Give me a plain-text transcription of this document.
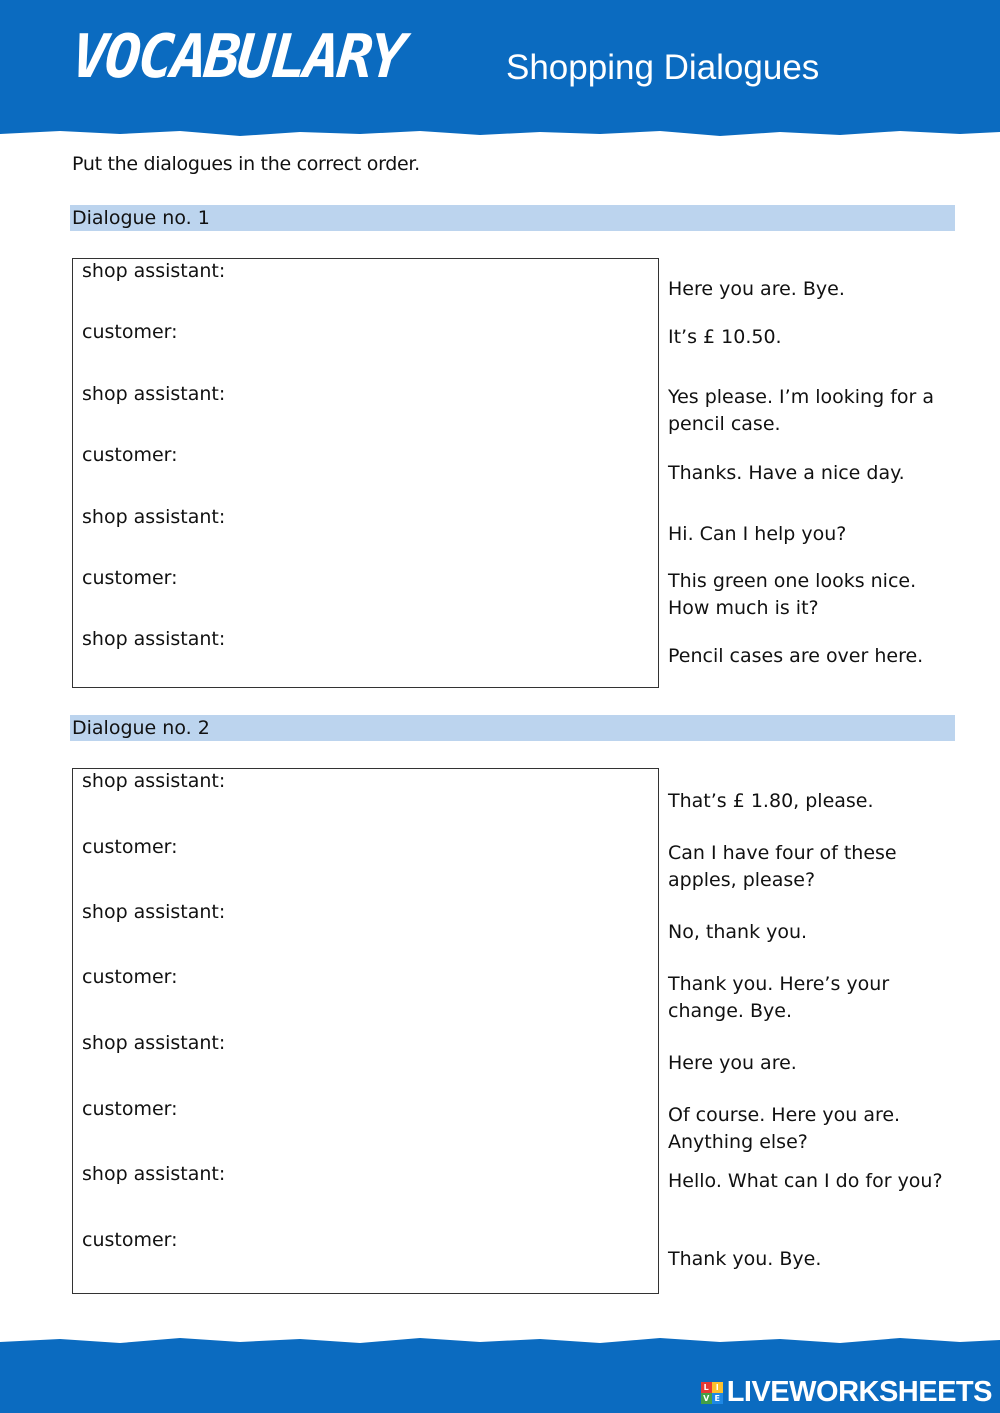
VOCABULARY	Shopping Dialogues
Put the dialogues in the correct order.
Dialogue no. 1
shop assistant:
customer:
shop assistant:
customer:
shop assistant:
customer:
shop assistant:
Here you are. Bye.
It’s £ 10.50.
Yes please. I’m looking for a pencil case.
Thanks. Have a nice day.
Hi. Can I help you?
This green one looks nice. How much is it?
Pencil cases are over here.
Dialogue no. 2
shop assistant:
customer:
shop assistant:
customer:
shop assistant:
customer:
shop assistant:
customer:
That’s £ 1.80, please.
Can I have four of these apples, please?
No, thank you.
Thank you. Here’s your change. Bye.
Here you are.
Of course. Here you are. Anything else?
Hello. What can I do for you?
Thank you. Bye.
L I
V E LIVEWORKSHEETS
